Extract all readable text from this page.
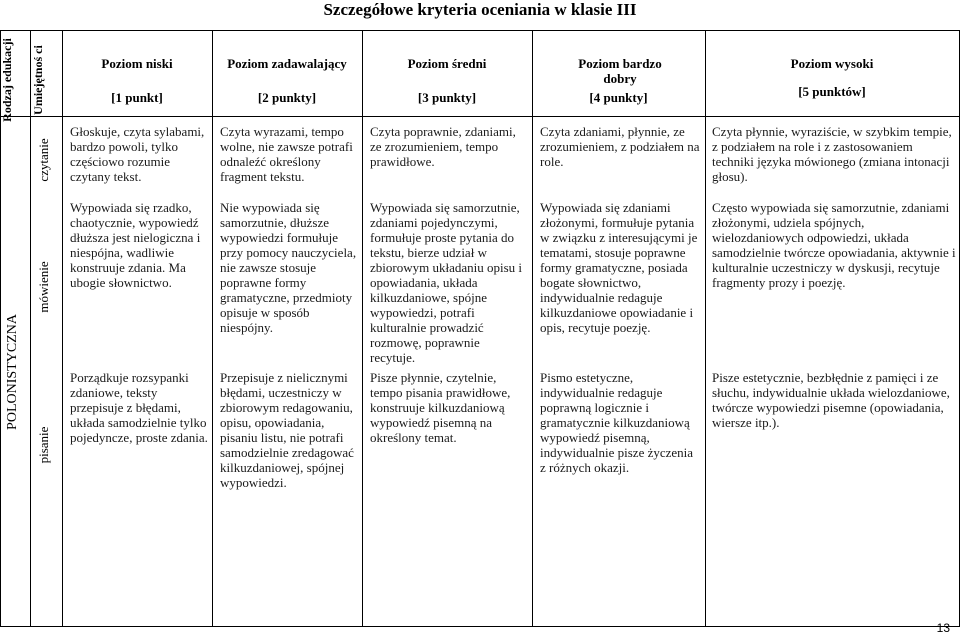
Szczegółowe kryteria oceniania w klasie III
Rodzaj edukacji	Umiejętnoś ci	Poziom niski
[1 punkt]
Poziom zadawalający
[2 punkty]
Poziom średni
[3 punkty]
Poziom bardzo dobry
[4 punkty]
Poziom wysoki
[5 punktów]
POLONISTYCZNA
czytanie
mówienie
pisanie
Głoskuje, czyta sylabami, bardzo powoli, tylko częściowo rozumie czytany tekst.
Czyta wyrazami, tempo wolne, nie zawsze potrafi odnaleźć określony fragment tekstu.
Czyta poprawnie, zdaniami, ze zrozumieniem, tempo prawidłowe.
Czyta zdaniami, płynnie, ze zrozumieniem, z podziałem na role.
Czyta płynnie, wyraziście, w szybkim tempie, z podziałem na role i z zastosowaniem techniki języka mówionego (zmiana intonacji głosu).
Wypowiada się rzadko, chaotycznie, wypowiedź dłuższa jest nielogiczna i niespójna, wadliwie konstruuje zdania. Ma ubogie słownictwo.
Nie wypowiada się samorzutnie, dłuższe wypowiedzi formułuje przy pomocy nauczyciela, nie zawsze stosuje poprawne formy gramatyczne, przedmioty opisuje w sposób niespójny.
Wypowiada się samorzutnie, zdaniami pojedynczymi, formułuje proste pytania do tekstu, bierze udział w zbiorowym układaniu opisu i opowiadania, układa kilkuzdaniowe, spójne wypowiedzi, potrafi kulturalnie prowadzić rozmowę, poprawnie recytuje.
Wypowiada się zdaniami złożonymi, formułuje pytania w związku z interesującymi je tematami, stosuje poprawne formy gramatyczne, posiada bogate słownictwo, indywidualnie redaguje kilkuzdaniowe opowiadanie i opis, recytuje poezję.
Często wypowiada się samorzutnie, zdaniami złożonymi, udziela spójnych, wielozdaniowych odpowiedzi, układa samodzielnie twórcze opowiadania, aktywnie i kulturalnie uczestniczy w dyskusji, recytuje fragmenty prozy i poezję.
Porządkuje rozsypanki zdaniowe, teksty przepisuje z błędami, układa samodzielnie tylko pojedyncze, proste zdania.
Przepisuje z nielicznymi błędami, uczestniczy w zbiorowym redagowaniu, opisu, opowiadania, pisaniu listu, nie potrafi samodzielnie zredagować kilkuzdaniowej, spójnej wypowiedzi.
Pisze płynnie, czytelnie, tempo pisania prawidłowe, konstruuje kilkuzdaniową wypowiedź pisemną na określony temat.
Pismo estetyczne, indywidualnie redaguje poprawną logicznie i gramatycznie kilkuzdaniową wypowiedź pisemną, indywidualnie pisze życzenia z różnych okazji.
Pisze estetycznie, bezbłędnie z pamięci i ze słuchu, indywidualnie układa wielozdaniowe, twórcze wypowiedzi pisemne (opowiadania, wiersze itp.).
13
